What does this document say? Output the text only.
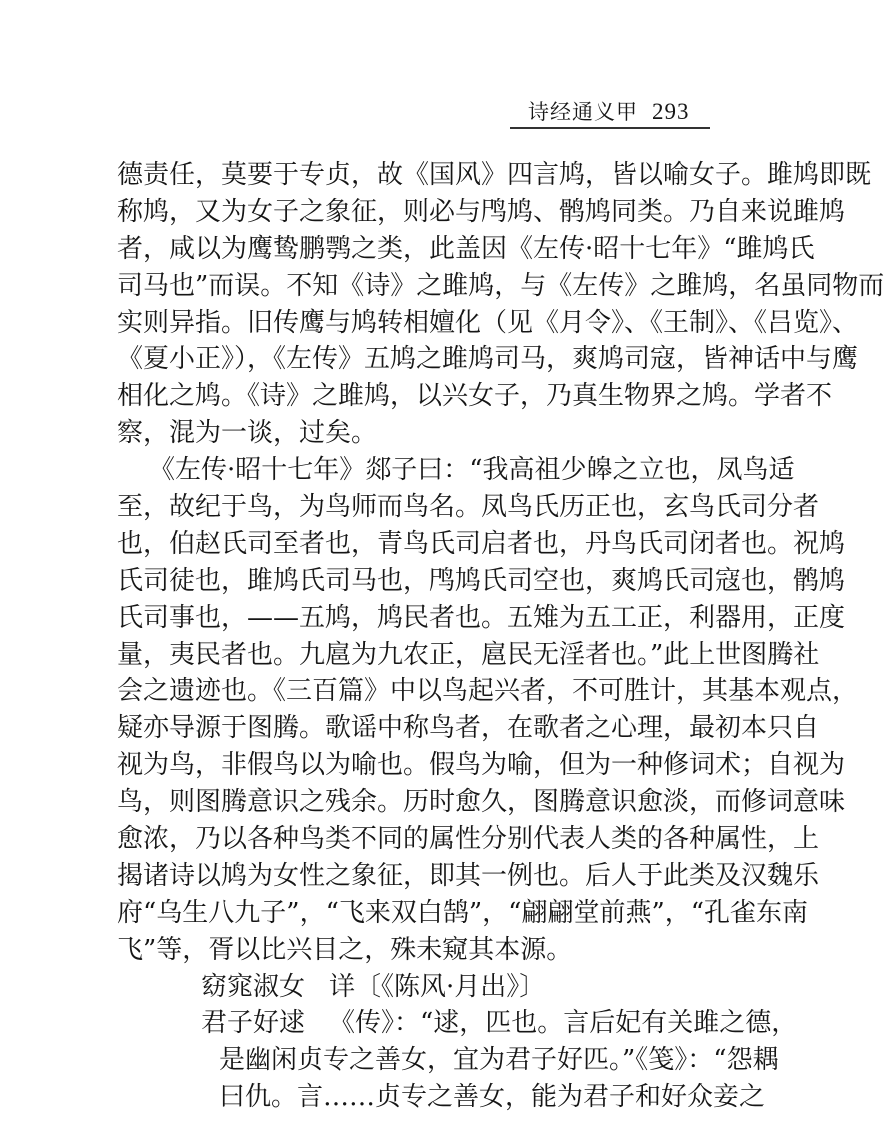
诗经通义甲 293
德责任，莫要于专贞，故《国风》四言鸠，皆以喻女子。雎鸠即既
称鸠，又为女子之象征，则必与鸤鸠、鹘鸠同类。乃自来说雎鸠
者，咸以为鹰鸷鹏鹗之类，此盖因《左传·昭十七年》“雎鸠氏
司马也”而误。不知《诗》之雎鸠，与《左传》之雎鸠，名虽同物而
实则异指。旧传鹰与鸠转相嬗化（见《月令》、《王制》、《吕览》、
《夏小正》），《左传》五鸠之雎鸠司马，爽鸠司寇，皆神话中与鹰
相化之鸠。《诗》之雎鸠，以兴女子，乃真生物界之鸠。学者不
察，混为一谈，过矣。
《左传·昭十七年》郯子曰：“我高祖少皞之立也，凤鸟适
至，故纪于鸟，为鸟师而鸟名。凤鸟氏历正也，玄鸟氏司分者
也，伯赵氏司至者也，青鸟氏司启者也，丹鸟氏司闭者也。祝鸠
氏司徒也，雎鸠氏司马也，鸤鸠氏司空也，爽鸠氏司寇也，鹘鸠
氏司事也，——五鸠，鸠民者也。五雉为五工正，利器用，正度
量，夷民者也。九扈为九农正，扈民无淫者也。”此上世图腾社
会之遗迹也。《三百篇》中以鸟起兴者，不可胜计，其基本观点，
疑亦导源于图腾。歌谣中称鸟者，在歌者之心理，最初本只自
视为鸟，非假鸟以为喻也。假鸟为喻，但为一种修词术；自视为
鸟，则图腾意识之残余。历时愈久，图腾意识愈淡，而修词意味
愈浓，乃以各种鸟类不同的属性分别代表人类的各种属性，上
揭诸诗以鸠为女性之象征，即其一例也。后人于此类及汉魏乐
府“乌生八九子”，“飞来双白鹄”，“翩翩堂前燕”，“孔雀东南
飞”等，胥以比兴目之，殊未窥其本源。
窈窕淑女 详〔《陈风·月出》〕
君子好逑 《传》：“逑，匹也。言后妃有关雎之德，
是幽闲贞专之善女，宜为君子好匹。”《笺》：“怨耦
曰仇。言……贞专之善女，能为君子和好众妾之
